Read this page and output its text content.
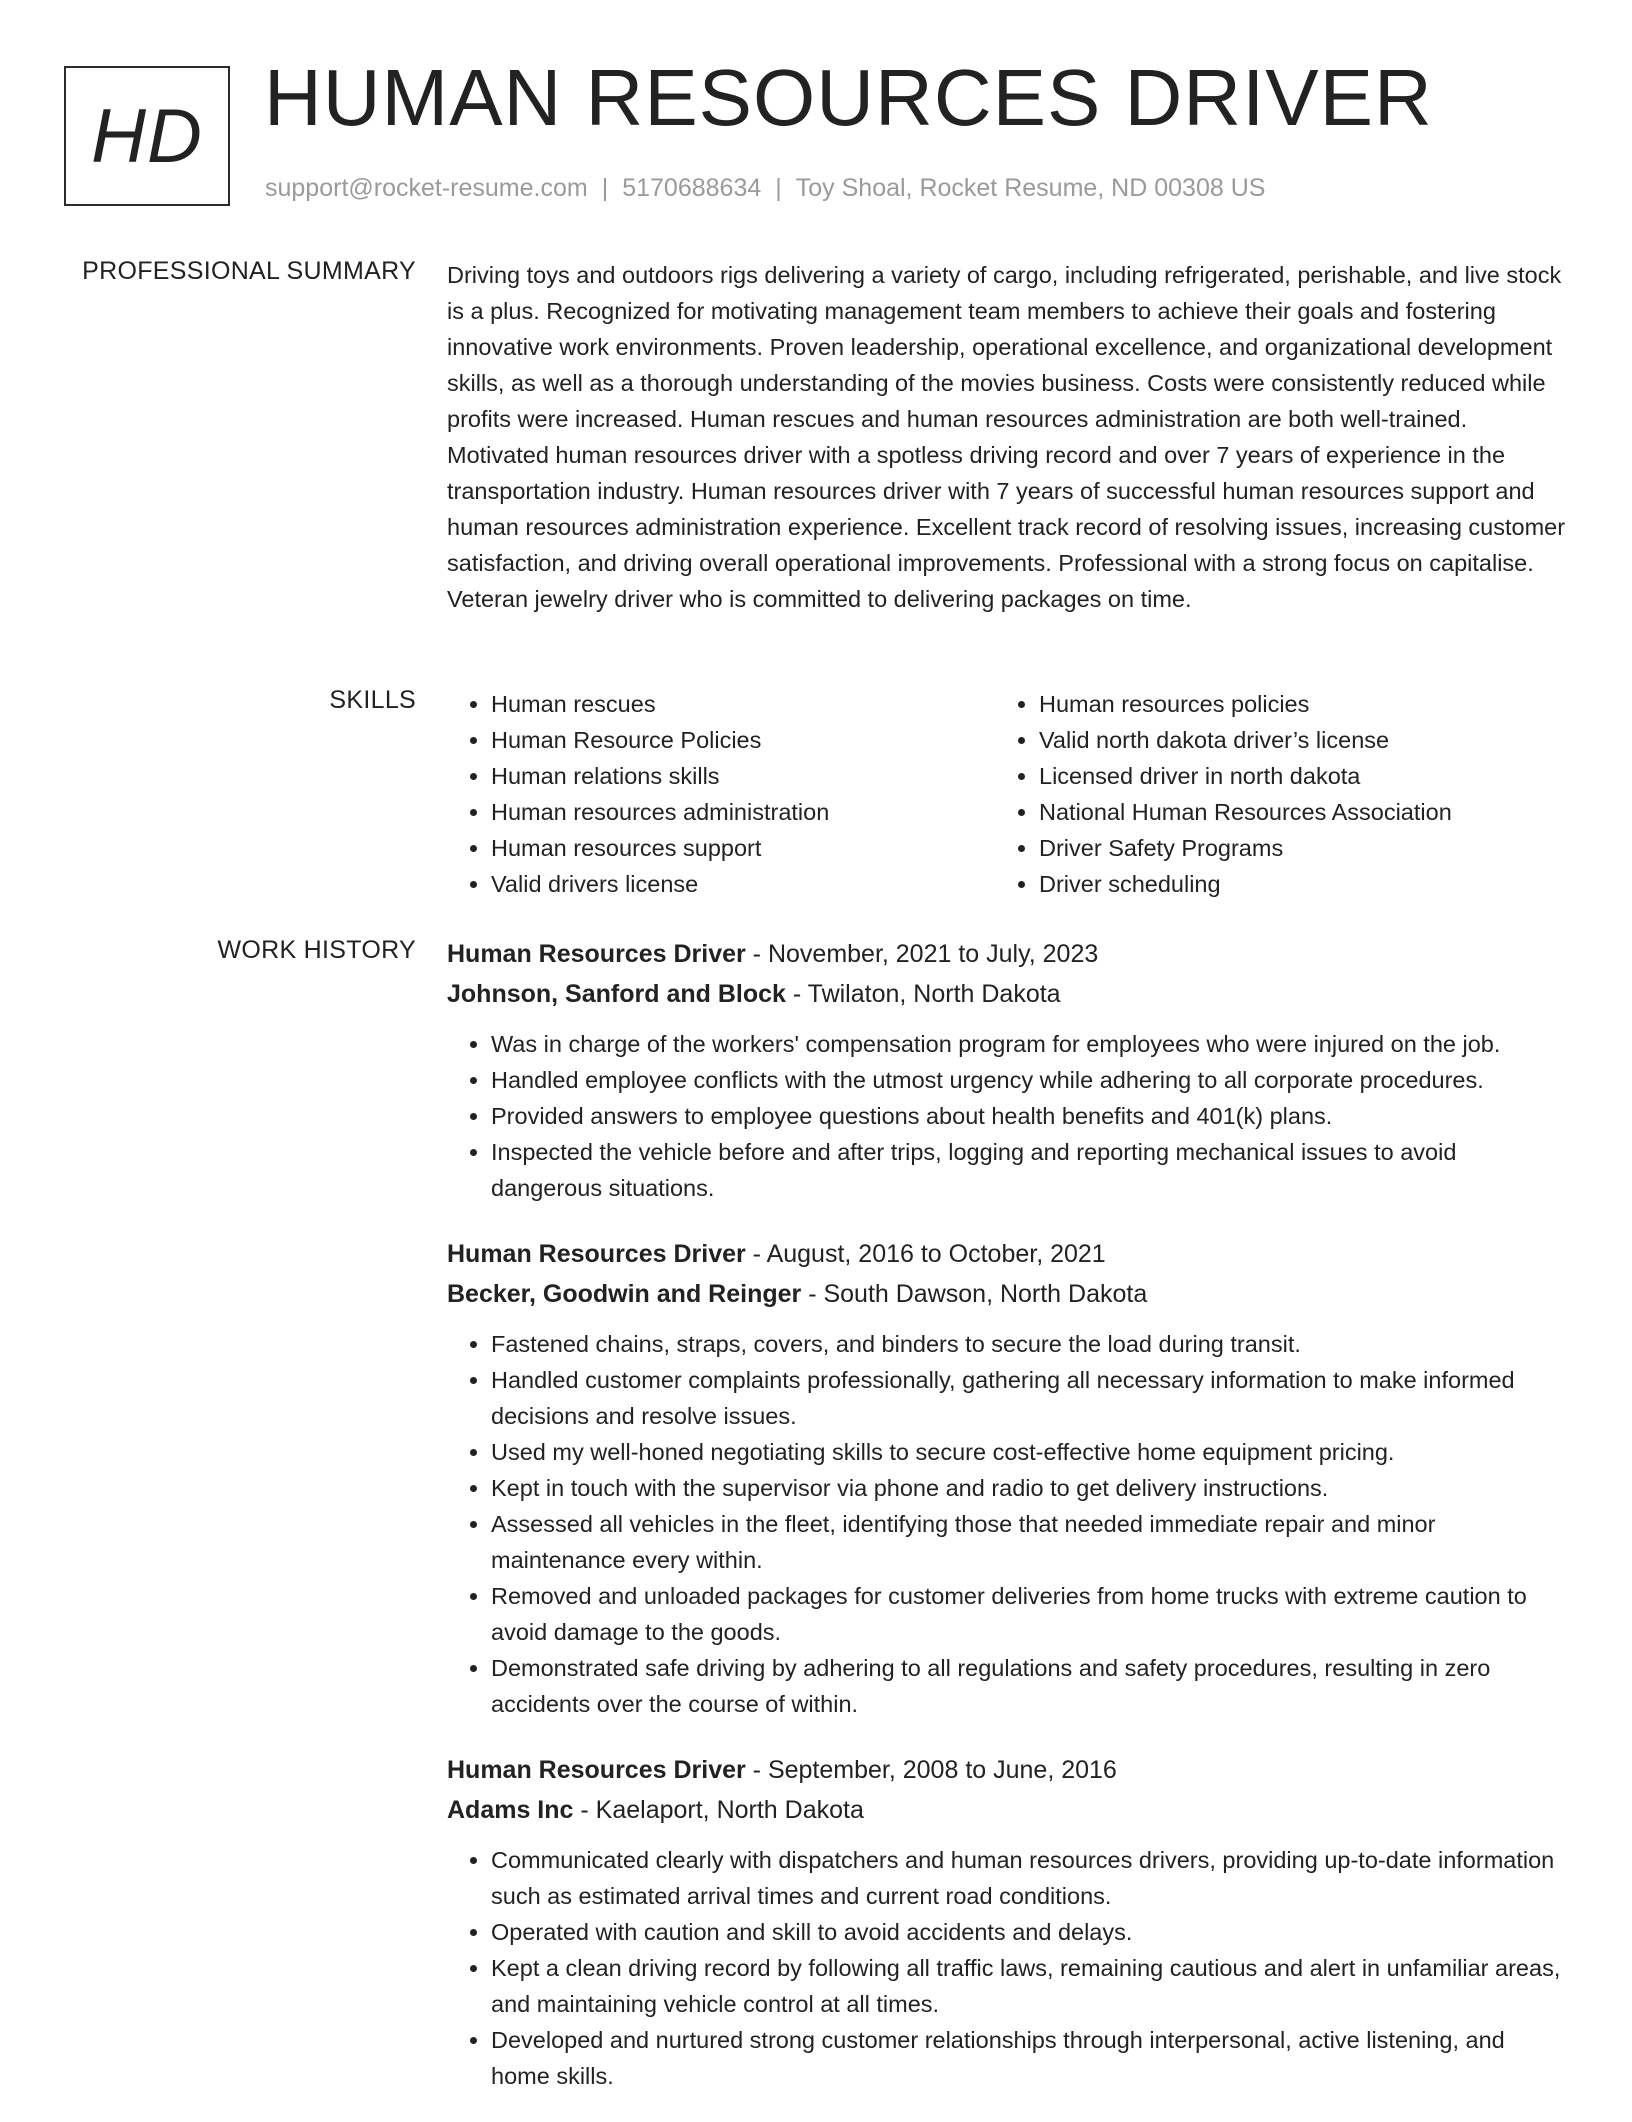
HD HUMAN RESOURCES DRIVER
support@rocket-resume.com | 5170688634 | Toy Shoal, Rocket Resume, ND 00308 US
PROFESSIONAL SUMMARY Driving toys and outdoors rigs delivering a variety of cargo, including refrigerated, perishable, and live stock is a plus. Recognized for motivating management team members to achieve their goals and fostering innovative work environments. Proven leadership, operational excellence, and organizational development skills, as well as a thorough understanding of the movies business. Costs were consistently reduced while profits were increased. Human rescues and human resources administration are both well-trained. Motivated human resources driver with a spotless driving record and over 7 years of experience in the transportation industry. Human resources driver with 7 years of successful human resources support and human resources administration experience. Excellent track record of resolving issues, increasing customer satisfaction, and driving overall operational improvements. Professional with a strong focus on capitalise. Veteran jewelry driver who is committed to delivering packages on time.

SKILLS
•	Human rescues
• Human Resource Policies
• Human relations skills
• Human resources administration
• Human resources support
• Valid drivers license
• Human resources policies
• Valid north dakota driver’s license
• Licensed driver in north dakota
• National Human Resources Association
• Driver Safety Programs
• Driver scheduling
WORK HISTORY Human Resources Driver - November, 2021 to July, 2023
Johnson, Sanford and Block - Twilaton, North Dakota
• Was in charge of the workers' compensation program for employees who were injured on the job.
• Handled employee conflicts with the utmost urgency while adhering to all corporate procedures.
• Provided answers to employee questions about health benefits and 401(k) plans.
• Inspected the vehicle before and after trips, logging and reporting mechanical issues to avoid dangerous situations.
Human Resources Driver - August, 2016 to October, 2021
Becker, Goodwin and Reinger - South Dawson, North Dakota
• Fastened chains, straps, covers, and binders to secure the load during transit.
• Handled customer complaints professionally, gathering all necessary information to make informed decisions and resolve issues.
• Used my well-honed negotiating skills to secure cost-effective home equipment pricing.
• Kept in touch with the supervisor via phone and radio to get delivery instructions.
• Assessed all vehicles in the fleet, identifying those that needed immediate repair and minor maintenance every within.
• Removed and unloaded packages for customer deliveries from home trucks with extreme caution to avoid damage to the goods.
• Demonstrated safe driving by adhering to all regulations and safety procedures, resulting in zero accidents over the course of within.
Human Resources Driver - September, 2008 to June, 2016
Adams Inc - Kaelaport, North Dakota
• Communicated clearly with dispatchers and human resources drivers, providing up-to-date information such as estimated arrival times and current road conditions.
• Operated with caution and skill to avoid accidents and delays.
• Kept a clean driving record by following all traffic laws, remaining cautious and alert in unfamiliar areas, and maintaining vehicle control at all times.
• Developed and nurtured strong customer relationships through interpersonal, active listening, and home skills.
